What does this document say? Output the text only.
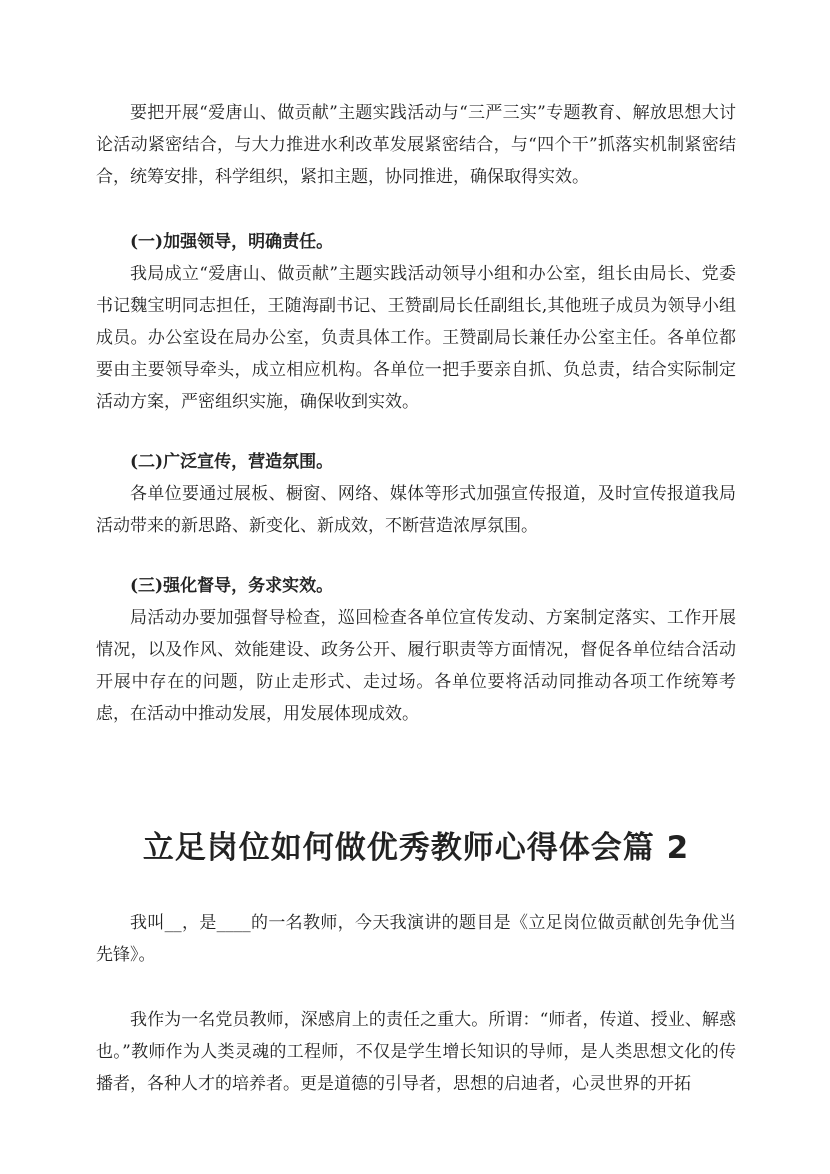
要把开展“爱唐山、做贡献”主题实践活动与“三严三实”专题教育、解放思想大讨论活动紧密结合，与大力推进水利改革发展紧密结合，与“四个干”抓落实机制紧密结合，统筹安排，科学组织，紧扣主题，协同推进，确保取得实效。

(一)加强领导，明确责任。

我局成立“爱唐山、做贡献”主题实践活动领导小组和办公室，组长由局长、党委书记魏宝明同志担任，王随海副书记、王赞副局长任副组长,其他班子成员为领导小组成员。办公室设在局办公室，负责具体工作。王赞副局长兼任办公室主任。各单位都要由主要领导牵头，成立相应机构。各单位一把手要亲自抓、负总责，结合实际制定活动方案，严密组织实施，确保收到实效。

(二)广泛宣传，营造氛围。

各单位要通过展板、橱窗、网络、媒体等形式加强宣传报道，及时宣传报道我局活动带来的新思路、新变化、新成效，不断营造浓厚氛围。

(三)强化督导，务求实效。

局活动办要加强督导检查，巡回检查各单位宣传发动、方案制定落实、工作开展情况，以及作风、效能建设、政务公开、履行职责等方面情况，督促各单位结合活动开展中存在的问题，防止走形式、走过场。各单位要将活动同推动各项工作统筹考虑，在活动中推动发展，用发展体现成效。

立足岗位如何做优秀教师心得体会篇 2

我叫__，是____的一名教师，今天我演讲的题目是《立足岗位做贡献创先争优当先锋》。

我作为一名党员教师，深感肩上的责任之重大。所谓：“师者，传道、授业、解惑也。”教师作为人类灵魂的工程师，不仅是学生增长知识的导师，是人类思想文化的传播者，各种人才的培养者。更是道德的引导者，思想的启迪者，心灵世界的开拓
